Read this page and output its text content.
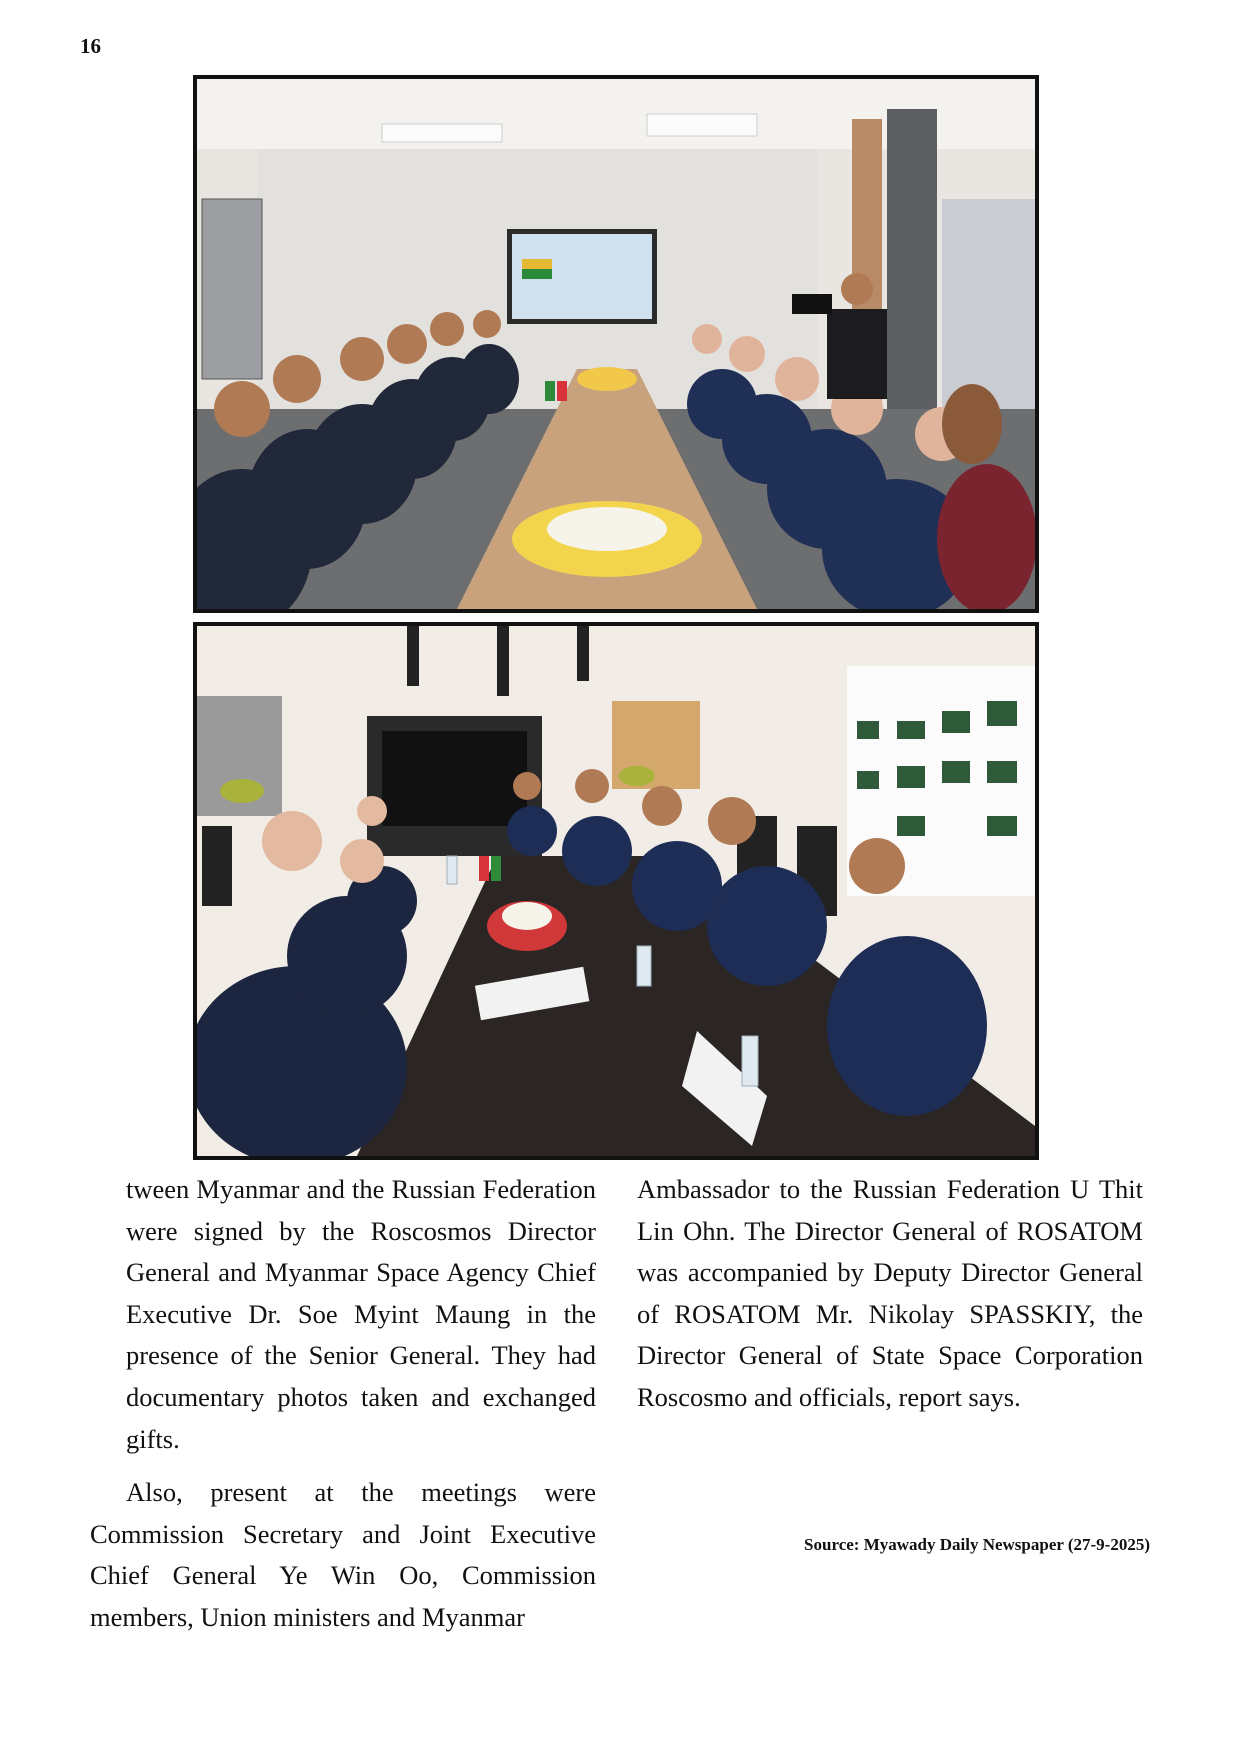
16

tween Myanmar and the Russian Federation were signed by the Roscosmos Director General and Myanmar Space Agency Chief Executive Dr. Soe Myint Maung in the presence of the Senior General. They had documentary photos taken and exchanged gifts.

Also, present at the meetings were Commission Secretary and Joint Executive Chief General Ye Win Oo, Commission members, Union ministers and Myanmar

Ambassador to the Russian Federation U Thit Lin Ohn. The Director General of ROSATOM was accompanied by Deputy Director General of ROSATOM Mr. Nikolay SPASSKIY, the Director General of State Space Corporation Roscosmo and officials, report says.

Source: Myawady Daily Newspaper (27-9-2025)
